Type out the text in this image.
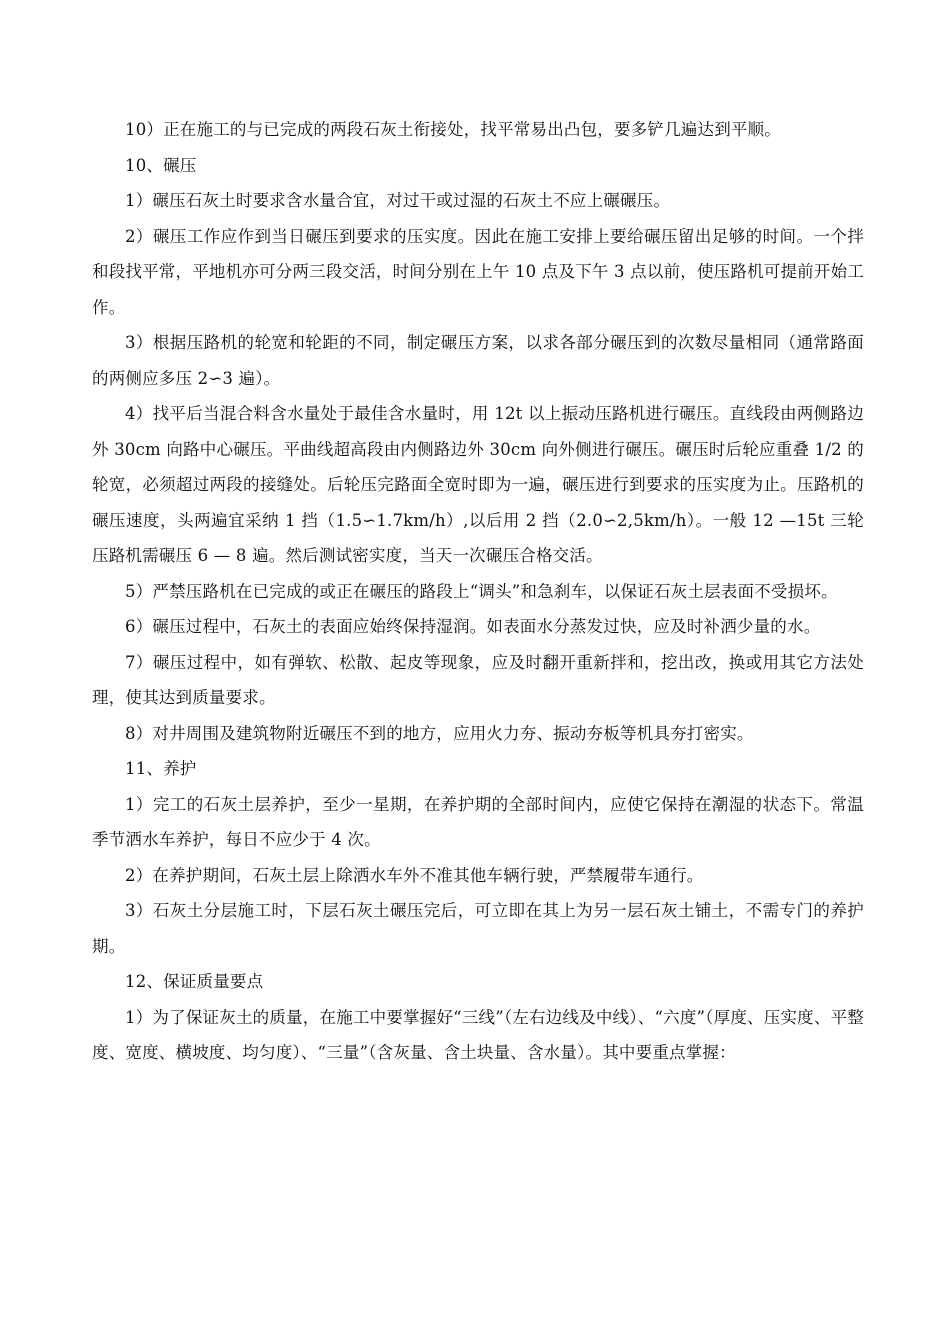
10）正在施工的与已完成的两段石灰土衔接处，找平常易出凸包，要多铲几遍达到平顺。

10、碾压

1）碾压石灰土时要求含水量合宜，对过干或过湿的石灰土不应上碾碾压。

2）碾压工作应作到当日碾压到要求的压实度。因此在施工安排上要给碾压留出足够的时间。一个拌和段找平常，平地机亦可分两三段交活，时间分别在上午 10 点及下午 3 点以前，使压路机可提前开始工作。

3）根据压路机的轮宽和轮距的不同，制定碾压方案，以求各部分碾压到的次数尽量相同（通常路面的两侧应多压 2∽3 遍）。

4）找平后当混合料含水量处于最佳含水量时，用 12t 以上振动压路机进行碾压。直线段由两侧路边外 30cm 向路中心碾压。平曲线超高段由内侧路边外 30cm 向外侧进行碾压。碾压时后轮应重叠 1/2 的轮宽，必须超过两段的接缝处。后轮压完路面全宽时即为一遍，碾压进行到要求的压实度为止。压路机的碾压速度，头两遍宜采纳 1 挡（1.5∽1.7km/h）,以后用 2 挡（2.0∽2,5km/h）。一般 12 —15t 三轮压路机需碾压 6 — 8 遍。然后测试密实度，当天一次碾压合格交活。

5）严禁压路机在已完成的或正在碾压的路段上“调头”和急刹车，以保证石灰土层表面不受损坏。

6）碾压过程中，石灰土的表面应始终保持湿润。如表面水分蒸发过快，应及时补洒少量的水。

7）碾压过程中，如有弹软、松散、起皮等现象，应及时翻开重新拌和，挖出改，换或用其它方法处理，使其达到质量要求。

8）对井周围及建筑物附近碾压不到的地方，应用火力夯、振动夯板等机具夯打密实。

11、养护

1）完工的石灰土层养护，至少一星期，在养护期的全部时间内，应使它保持在潮湿的状态下。常温季节洒水车养护，每日不应少于 4 次。

2）在养护期间，石灰土层上除洒水车外不准其他车辆行驶，严禁履带车通行。

3）石灰土分层施工时，下层石灰土碾压完后，可立即在其上为另一层石灰土铺土，不需专门的养护期。

12、保证质量要点

1）为了保证灰土的质量，在施工中要掌握好“三线”（左右边线及中线）、“六度”（厚度、压实度、平整度、宽度、横坡度、均匀度）、“三量”（含灰量、含土块量、含水量）。其中要重点掌握：
